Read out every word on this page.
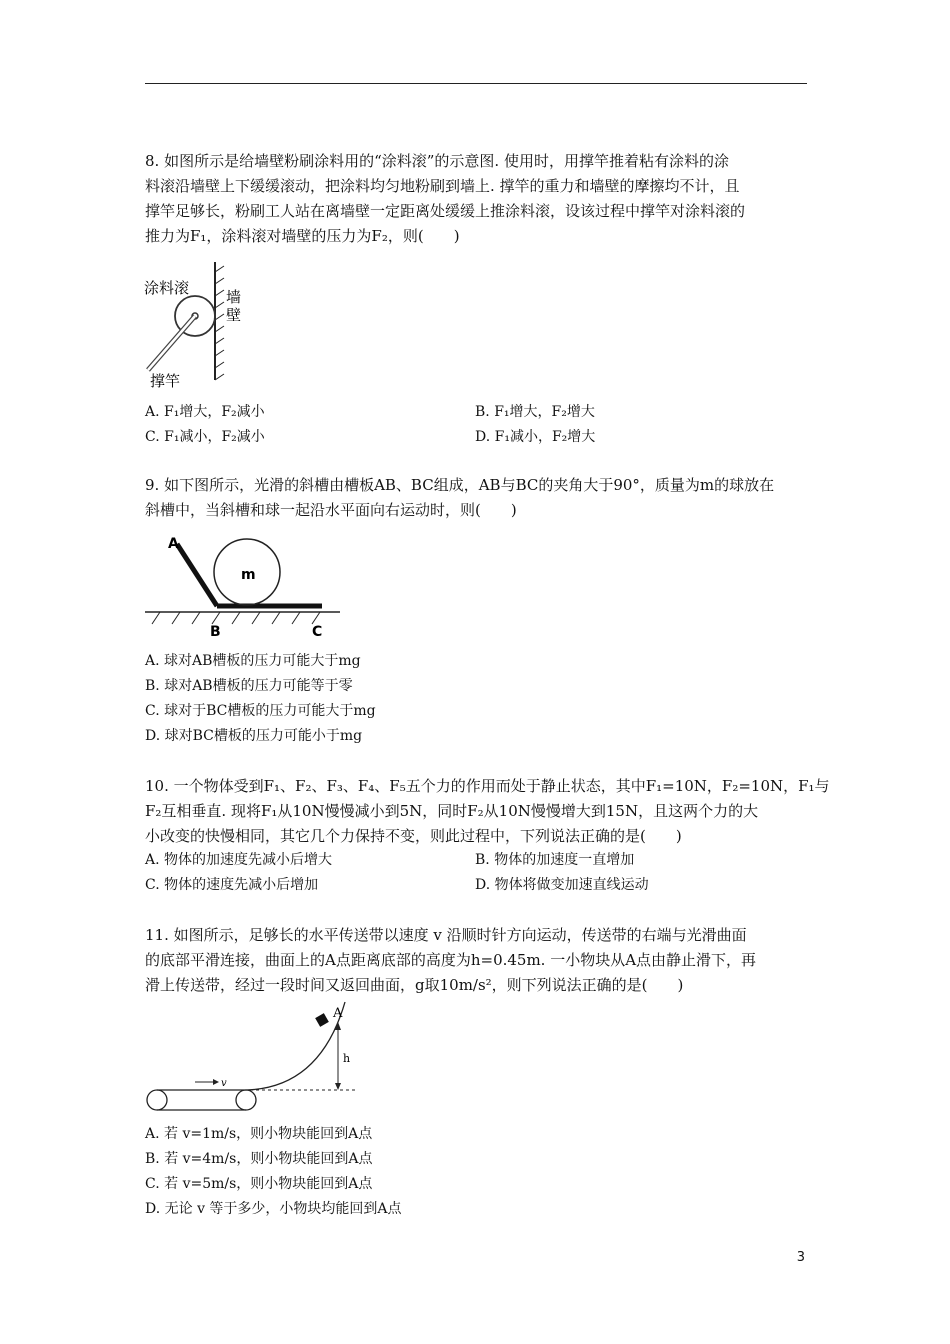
8. 如图所示是给墙壁粉刷涂料用的“涂料滚”的示意图. 使用时，用撑竿推着粘有涂料的涂
料滚沿墙壁上下缓缓滚动，把涂料均匀地粉刷到墙上. 撑竿的重力和墙壁的摩擦均不计，且
撑竿足够长，粉刷工人站在离墙壁一定距离处缓缓上推涂料滚，设该过程中撑竿对涂料滚的
推力为F₁，涂料滚对墙壁的压力为F₂，则(　　)
涂料滚 墙
壁
撑竿
A. F₁增大，F₂减小	B. F₁增大，F₂增大
C. F₁减小，F₂减小	D. F₁减小，F₂增大
9. 如下图所示，光滑的斜槽由槽板AB、BC组成，AB与BC的夹角大于90°，质量为m的球放在
斜槽中，当斜槽和球一起沿水平面向右运动时，则(　　)
m
A
B	C
A. 球对AB槽板的压力可能大于mg
B. 球对AB槽板的压力可能等于零
C. 球对于BC槽板的压力可能大于mg
D. 球对BC槽板的压力可能小于mg
10. 一个物体受到F₁、F₂、F₃、F₄、F₅五个力的作用而处于静止状态，其中F₁=10N，F₂=10N，F₁与
F₂互相垂直. 现将F₁从10N慢慢减小到5N，同时F₂从10N慢慢增大到15N，且这两个力的大
小改变的快慢相同，其它几个力保持不变，则此过程中，下列说法正确的是(　　)
A. 物体的加速度先减小后增大	B. 物体的加速度一直增加
C. 物体的速度先减小后增加	D. 物体将做变加速直线运动
11. 如图所示，足够长的水平传送带以速度 v 沿顺时针方向运动，传送带的右端与光滑曲面
的底部平滑连接，曲面上的A点距离底部的高度为h=0.45m. 一小物块从A点由静止滑下，再
滑上传送带，经过一段时间又返回曲面，g取10m/s²，则下列说法正确的是(　　)
v
A
h
A. 若 v=1m/s，则小物块能回到A点
B. 若 v=4m/s，则小物块能回到A点
C. 若 v=5m/s，则小物块能回到A点
D. 无论 v 等于多少，小物块均能回到A点
3
